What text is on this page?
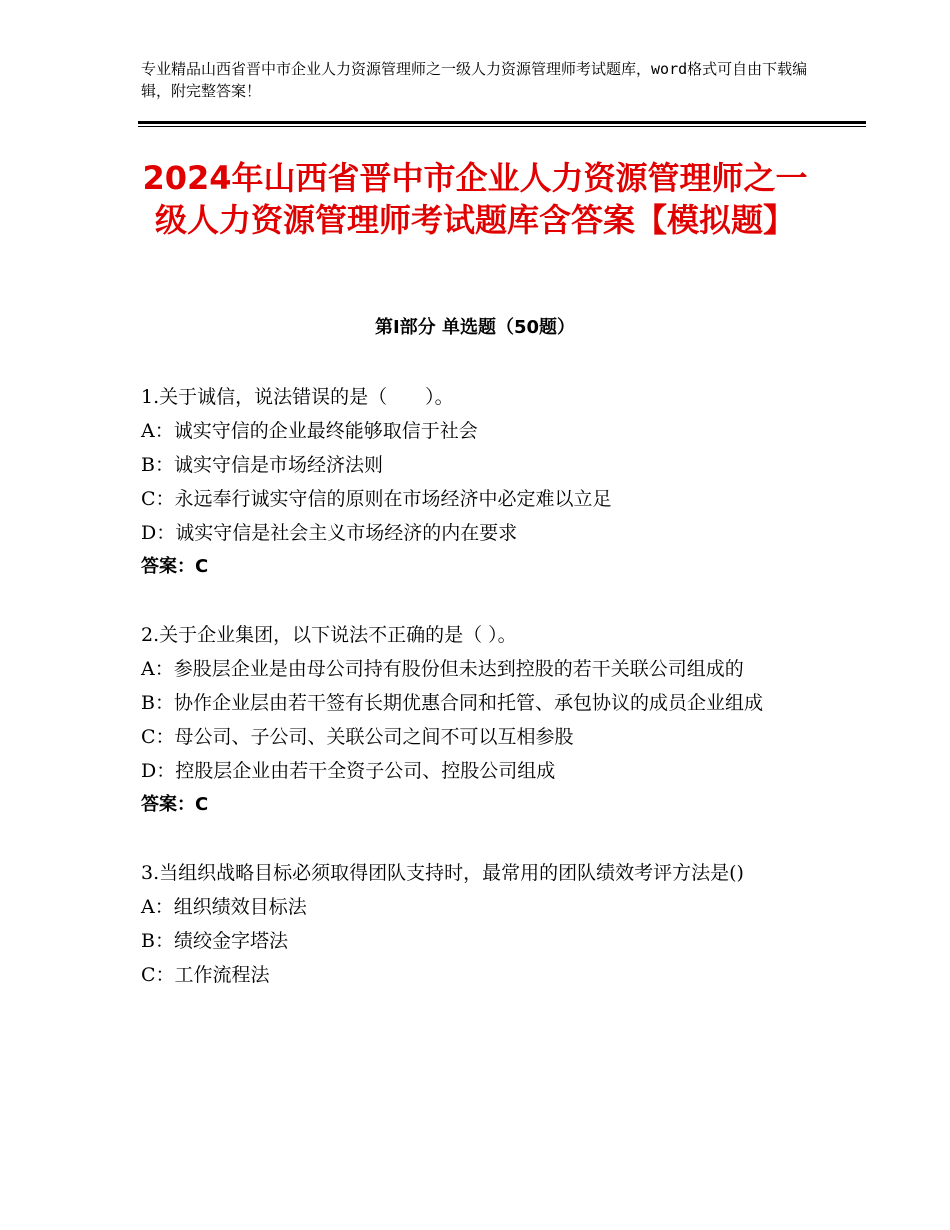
专业精品山西省晋中市企业人力资源管理师之一级人力资源管理师考试题库，word格式可自由下载编辑，附完整答案！
2024年山西省晋中市企业人力资源管理师之一级人力资源管理师考试题库含答案【模拟题】
第Ⅰ部分 单选题（50题）

1.关于诚信，说法错误的是（　　）。

A：诚实守信的企业最终能够取信于社会

B：诚实守信是市场经济法则

C：永远奉行诚实守信的原则在市场经济中必定难以立足

D：诚实守信是社会主义市场经济的内在要求

答案：C

2.关于企业集团，以下说法不正确的是（ ）。

A：参股层企业是由母公司持有股份但未达到控股的若干关联公司组成的

B：协作企业层由若干签有长期优惠合同和托管、承包协议的成员企业组成

C：母公司、子公司、关联公司之间不可以互相参股

D：控股层企业由若干全资子公司、控股公司组成

答案：C

3.当组织战略目标必须取得团队支持时，最常用的团队绩效考评方法是()

A：组织绩效目标法

B：绩绞金字塔法

C：工作流程法
